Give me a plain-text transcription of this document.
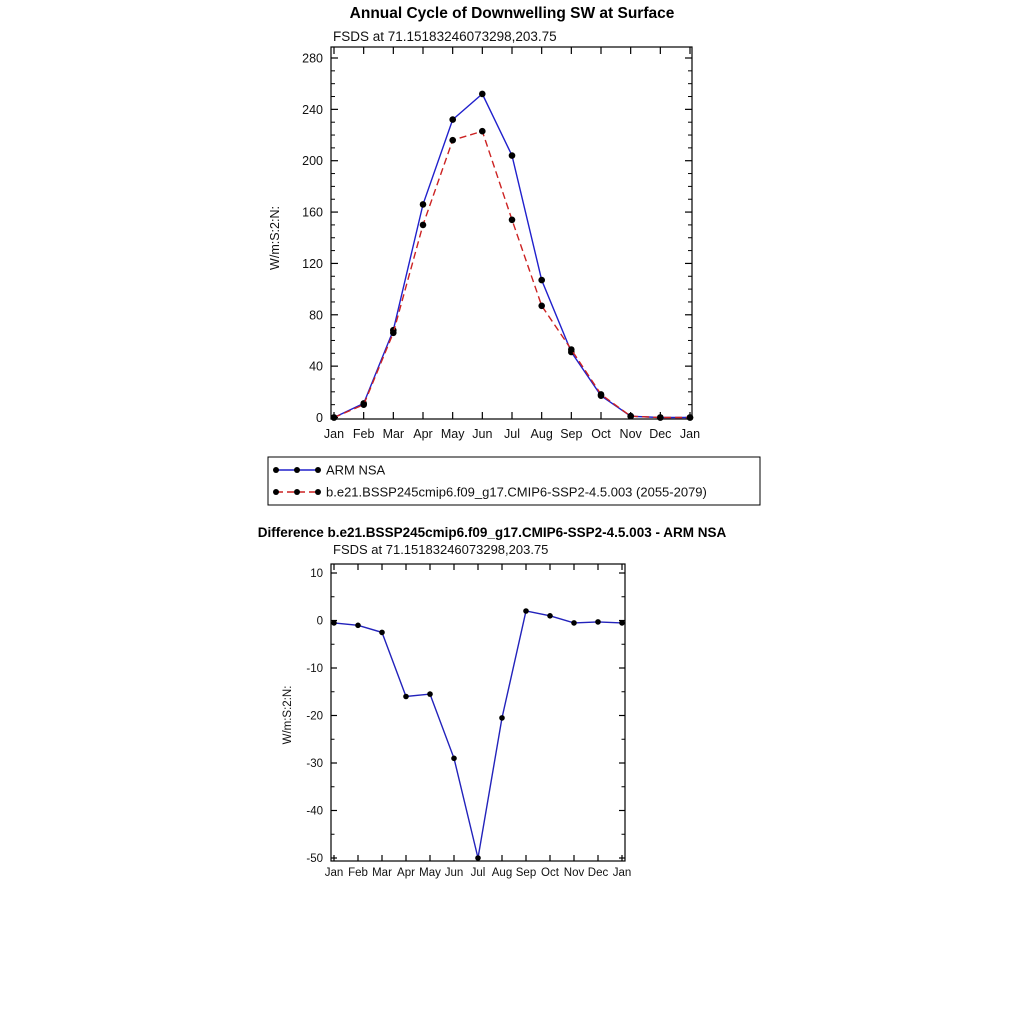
Annual Cycle of Downwelling SW at Surface
FSDS at 71.15183246073298,203.75
W/m:S:2:N:
0
40
80
120
160
200
240
280
Jan Feb Mar Apr May Jun Jul Aug Sep Oct Nov Dec Jan
ARM NSA
b.e21.BSSP245cmip6.f09_g17.CMIP6-SSP2-4.5.003 (2055-2079)
Difference b.e21.BSSP245cmip6.f09_g17.CMIP6-SSP2-4.5.003 - ARM NSA
FSDS at 71.15183246073298,203.75
W/m:S:2:N:
-50
-40
-30
-20
-10
0
10
Jan Feb Mar Apr May Jun Jul Aug Sep Oct Nov Dec Jan
